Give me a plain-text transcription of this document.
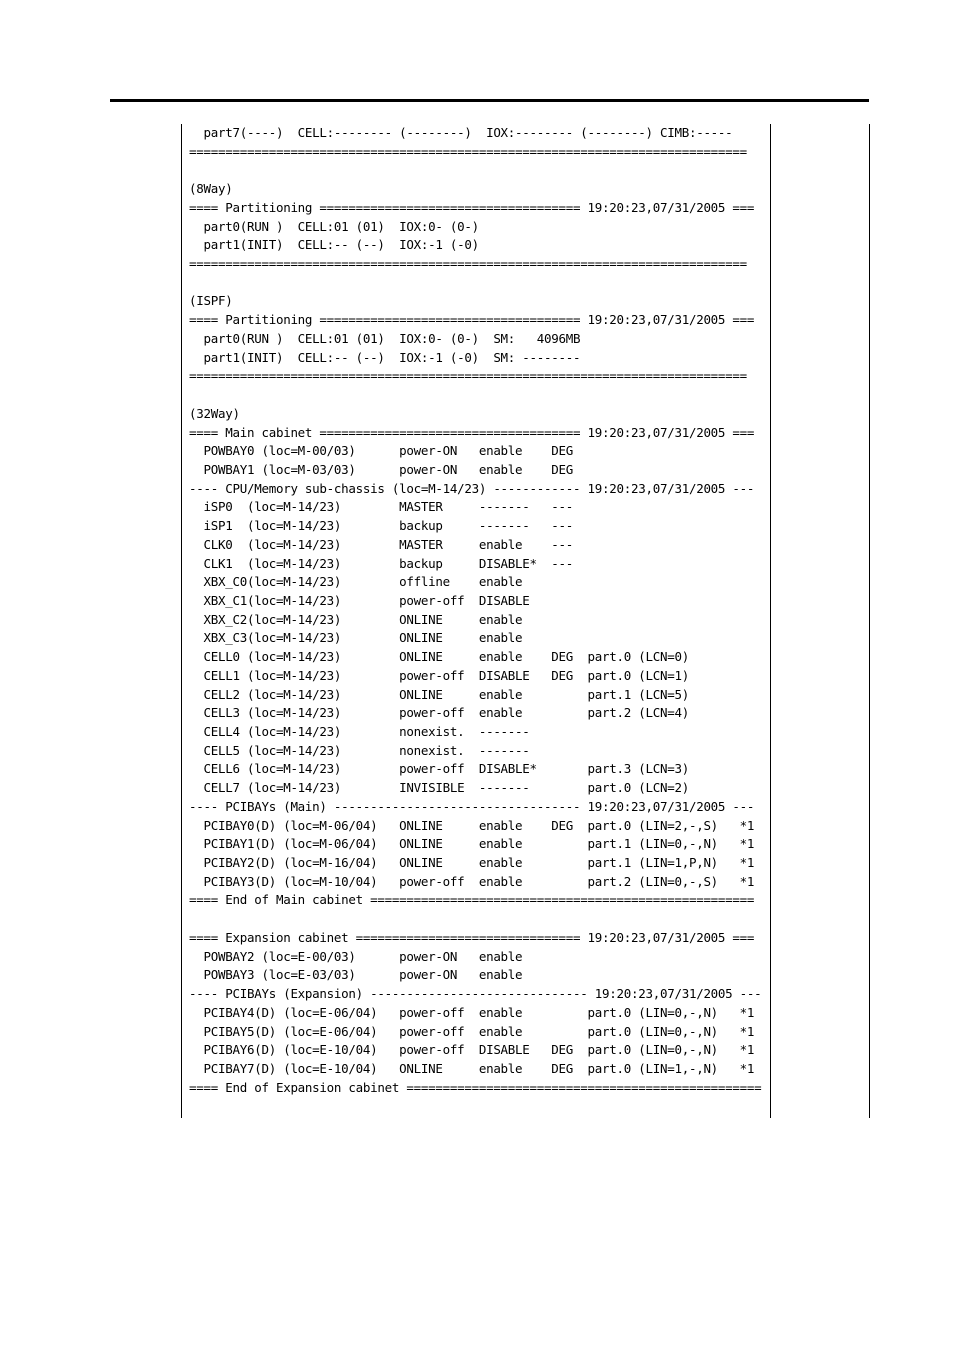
part7(----)  CELL:-------- (--------)  IOX:-------- (--------) CIMB:-----
=============================================================================
(8Way)
==== Partitioning ==================================== 19:20:23,07/31/2005 ===
part0(RUN )  CELL:01 (01)  IOX:0- (0-)
part1(INIT)  CELL:-- (--)  IOX:-1 (-0)
=============================================================================
(ISPF)
==== Partitioning ==================================== 19:20:23,07/31/2005 ===
part0(RUN )  CELL:01 (01)  IOX:0- (0-)  SM:   4096MB
part1(INIT)  CELL:-- (--)  IOX:-1 (-0)  SM: --------
=============================================================================
(32Way)
==== Main cabinet ==================================== 19:20:23,07/31/2005 ===
POWBAY0 (loc=M-00/03)      power-ON   enable    DEG
POWBAY1 (loc=M-03/03)      power-ON   enable    DEG
---- CPU/Memory sub-chassis (loc=M-14/23) ------------ 19:20:23,07/31/2005 ---
iSP0  (loc=M-14/23)        MASTER     -------   ---
iSP1  (loc=M-14/23)        backup     -------   ---
CLK0  (loc=M-14/23)        MASTER     enable    ---
CLK1  (loc=M-14/23)        backup     DISABLE*  ---
XBX_C0(loc=M-14/23)        offline    enable
XBX_C1(loc=M-14/23)        power-off  DISABLE
XBX_C2(loc=M-14/23)        ONLINE     enable
XBX_C3(loc=M-14/23)        ONLINE     enable
CELL0 (loc=M-14/23)        ONLINE     enable    DEG  part.0 (LCN=0)
CELL1 (loc=M-14/23)        power-off  DISABLE   DEG  part.0 (LCN=1)
CELL2 (loc=M-14/23)        ONLINE     enable         part.1 (LCN=5)
CELL3 (loc=M-14/23)        power-off  enable         part.2 (LCN=4)
CELL4 (loc=M-14/23)        nonexist.  -------
CELL5 (loc=M-14/23)        nonexist.  -------
CELL6 (loc=M-14/23)        power-off  DISABLE*       part.3 (LCN=3)
CELL7 (loc=M-14/23)        INVISIBLE  -------        part.0 (LCN=2)
---- PCIBAYs (Main) ---------------------------------- 19:20:23,07/31/2005 ---
PCIBAY0(D) (loc=M-06/04)   ONLINE     enable    DEG  part.0 (LIN=2,-,S)   *1
PCIBAY1(D) (loc=M-06/04)   ONLINE     enable         part.1 (LIN=0,-,N)   *1
PCIBAY2(D) (loc=M-16/04)   ONLINE     enable         part.1 (LIN=1,P,N)   *1
PCIBAY3(D) (loc=M-10/04)   power-off  enable         part.2 (LIN=0,-,S)   *1
==== End of Main cabinet =====================================================
==== Expansion cabinet =============================== 19:20:23,07/31/2005 ===
POWBAY2 (loc=E-00/03)      power-ON   enable
POWBAY3 (loc=E-03/03)      power-ON   enable
---- PCIBAYs (Expansion) ------------------------------ 19:20:23,07/31/2005 ---
PCIBAY4(D) (loc=E-06/04)   power-off  enable         part.0 (LIN=0,-,N)   *1
PCIBAY5(D) (loc=E-06/04)   power-off  enable         part.0 (LIN=0,-,N)   *1
PCIBAY6(D) (loc=E-10/04)   power-off  DISABLE   DEG  part.0 (LIN=0,-,N)   *1
PCIBAY7(D) (loc=E-10/04)   ONLINE     enable    DEG  part.0 (LIN=1,-,N)   *1
==== End of Expansion cabinet =================================================
